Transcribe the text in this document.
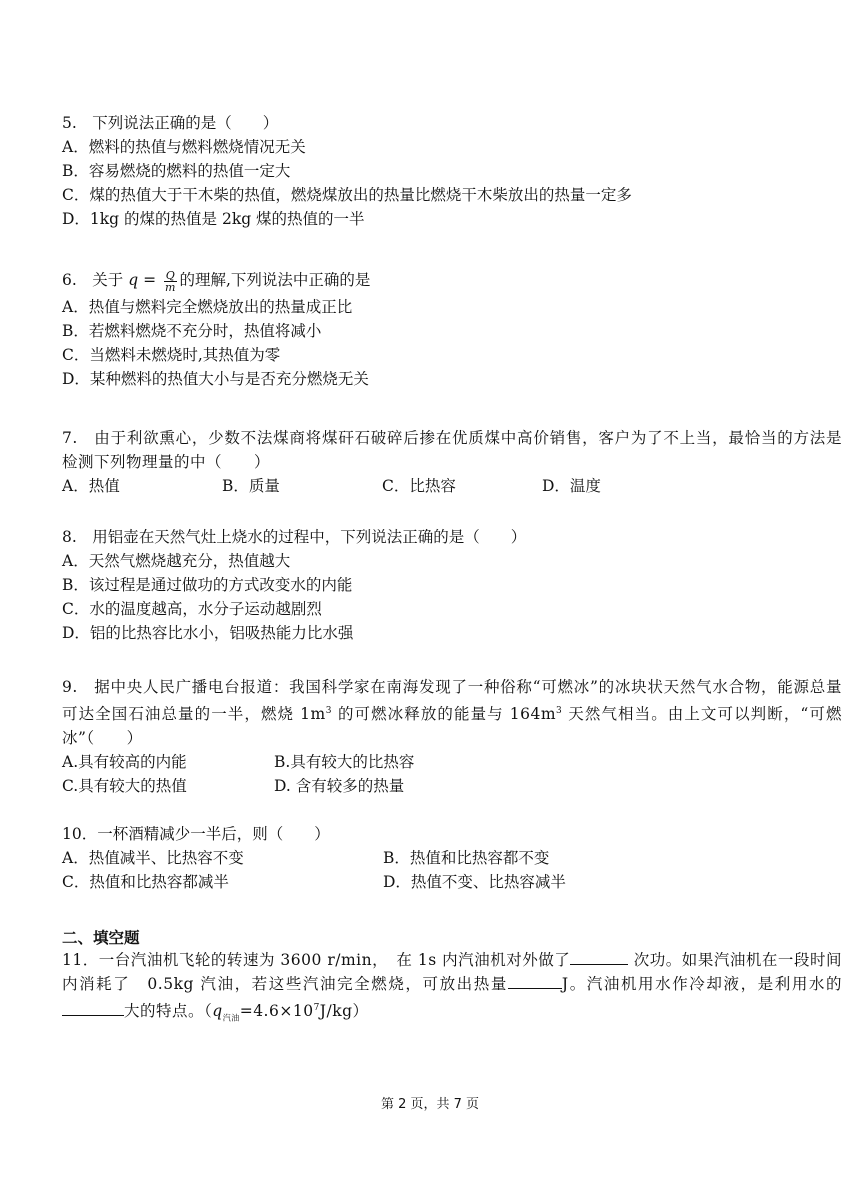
5.　下列说法正确的是（　　）
A．燃料的热值与燃料燃烧情况无关
B．容易燃烧的燃料的热值一定大
C．煤的热值大于干木柴的热值，燃烧煤放出的热量比燃烧干木柴放出的热量一定多
D．1kg 的煤的热值是 2kg 煤的热值的一半
6.　关于 $q = \frac{Q}{m}$ 的理解,下列说法中正确的是
A．热值与燃料完全燃烧放出的热量成正比
B．若燃料燃烧不充分时，热值将减小
C．当燃料未燃烧时,其热值为零
D．某种燃料的热值大小与是否充分燃烧无关
7.　由于利欲熏心，少数不法煤商将煤矸石破碎后掺在优质煤中高价销售，客户为了不上当，最恰当的方法是检测下列物理量的中（　　）
A．热值	B．质量	C．比热容	D．温度
8.　用铝壶在天然气灶上烧水的过程中，下列说法正确的是（　　）
A．天然气燃烧越充分，热值越大
B．该过程是通过做功的方式改变水的内能
C．水的温度越高，水分子运动越剧烈
D．铝的比热容比水小，铝吸热能力比水强
9.　据中央人民广播电台报道：我国科学家在南海发现了一种俗称“可燃冰”的冰块状天然气水合物，能源总量可达全国石油总量的一半，燃烧 $1m^3$ 的可燃冰释放的能量与 $164m^3$ 天然气相当。由上文可以判断，“可燃冰”（　　）
A.具有较高的内能	B.具有较大的比热容
C.具有较大的热值	D. 含有较多的热量
10．一杯酒精减少一半后，则（　　）
A．热值减半、比热容不变	B．热值和比热容都不变
C．热值和比热容都减半	D．热值不变、比热容减半
二、填空题
11．一台汽油机飞轮的转速为 3600 r/min，　在 1s 内汽油机对外做了	次功。如果汽油机在一段时间内消耗了　0.5kg 汽油，若这些汽油完全燃烧，可放出热量	J。汽油机用水作冷却液，是利用水的大的特点。$(q_{汽油}=4.6\times 10^7J/kg)$
第 2 页，共 7 页
